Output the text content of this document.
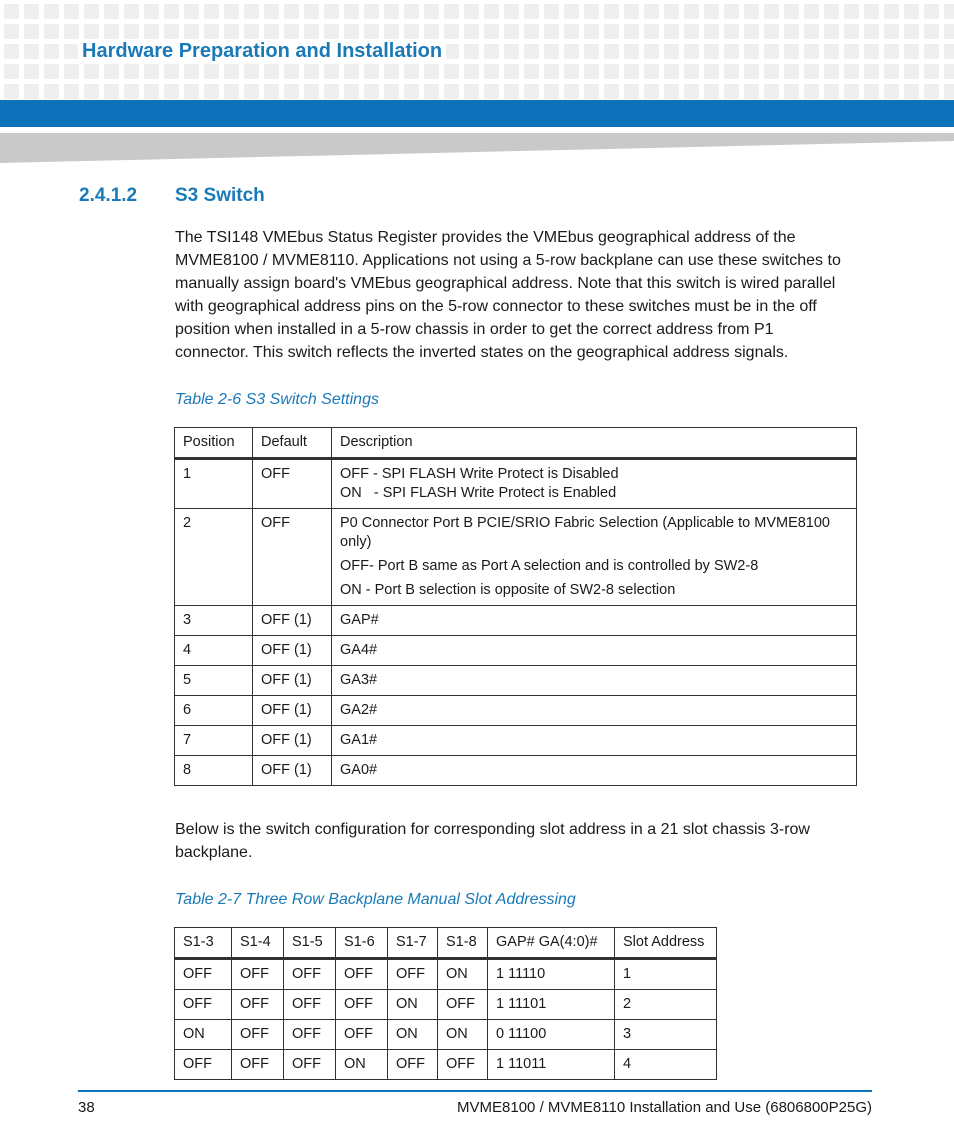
Hardware Preparation and Installation
2.4.1.2 S3 Switch
The TSI148 VMEbus Status Register provides the VMEbus geographical address of the
MVME8100 / MVME8110. Applications not using a 5-row backplane can use these switches to
manually assign board's VMEbus geographical address. Note that this switch is wired parallel
with geographical address pins on the 5-row connector to these switches must be in the off
position when installed in a 5-row chassis in order to get the correct address from P1
connector. This switch reflects the inverted states on the geographical address signals.
Table 2-6 S3 Switch Settings
Position	Default	Description
1	OFF	OFF - SPI FLASH Write Protect is Disabled
ON   - SPI FLASH Write Protect is Enabled

2	OFF	P0 Connector Port B PCIE/SRIO Fabric Selection (Applicable to MVME8100 only)
OFF- Port B same as Port A selection and is controlled by SW2-8
ON - Port B selection is opposite of SW2-8 selection

3	OFF (1)	GAP#
4	OFF (1)	GA4#
5	OFF (1)	GA3#
6	OFF (1)	GA2#
7	OFF (1)	GA1#
8	OFF (1)	GA0#
Below is the switch configuration for corresponding slot address in a 21 slot chassis 3-row
backplane.
Table 2-7 Three Row Backplane Manual Slot Addressing
S1-3	S1-4	S1-5	S1-6	S1-7	S1-8	GAP# GA(4:0)#	Slot Address
OFF	OFF	OFF	OFF	OFF	ON	1 11110	1
OFF	OFF	OFF	OFF	ON	OFF	1 11101	2
ON	OFF	OFF	OFF	ON	ON	0 11100	3
OFF	OFF	OFF	ON	OFF	OFF	1 11011	4
38	MVME8100 / MVME8110 Installation and Use (6806800P25G)
